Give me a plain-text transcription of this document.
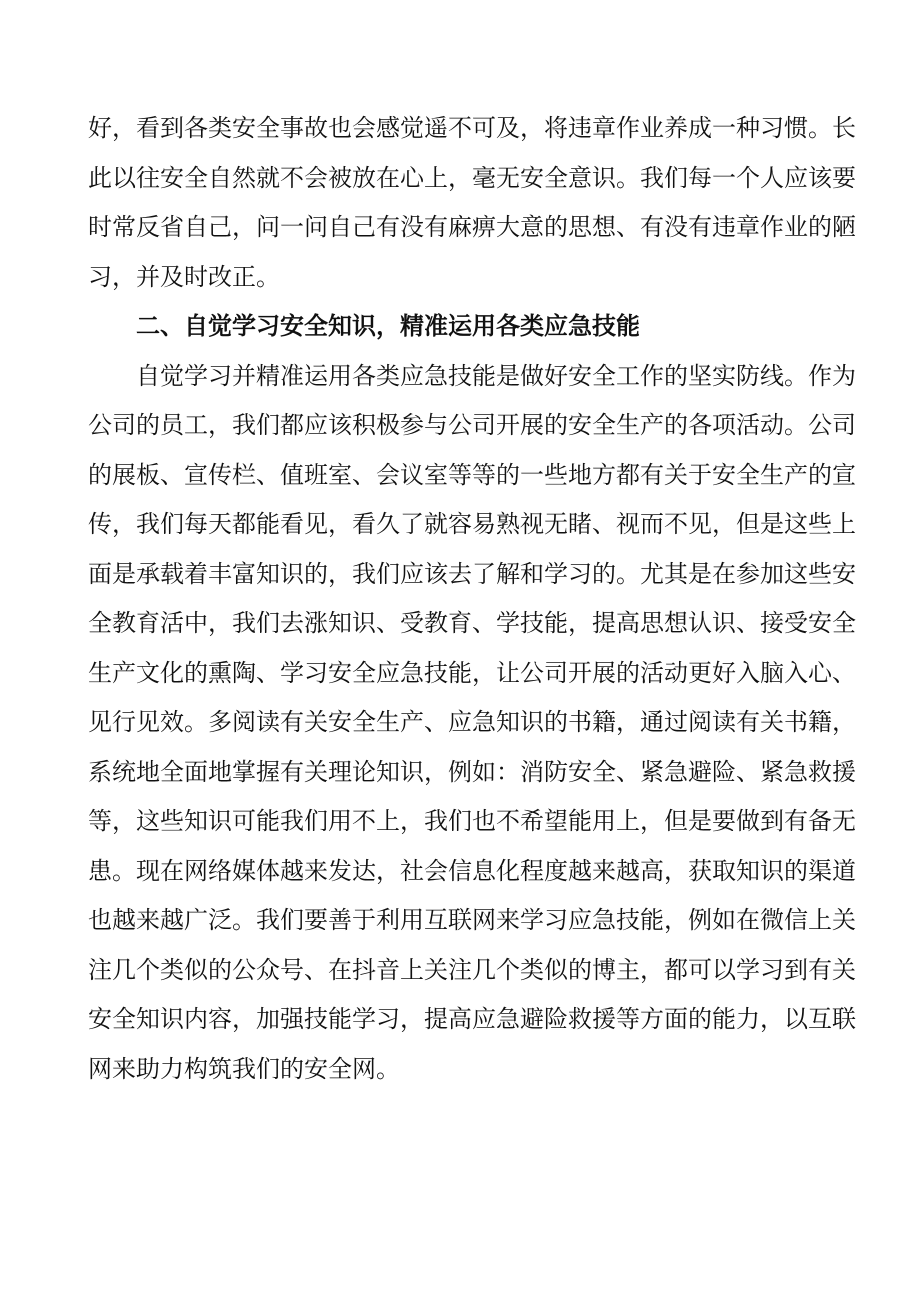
好，看到各类安全事故也会感觉遥不可及，将违章作业养成一种习惯。长
此以往安全自然就不会被放在心上，毫无安全意识。我们每一个人应该要
时常反省自己，问一问自己有没有麻痹大意的思想、有没有违章作业的陋
习，并及时改正。
二、自觉学习安全知识，精准运用各类应急技能
自觉学习并精准运用各类应急技能是做好安全工作的坚实防线。作为
公司的员工，我们都应该积极参与公司开展的安全生产的各项活动。公司
的展板、宣传栏、值班室、会议室等等的一些地方都有关于安全生产的宣
传，我们每天都能看见，看久了就容易熟视无睹、视而不见，但是这些上
面是承载着丰富知识的，我们应该去了解和学习的。尤其是在参加这些安
全教育活中，我们去涨知识、受教育、学技能，提高思想认识、接受安全
生产文化的熏陶、学习安全应急技能，让公司开展的活动更好入脑入心、
见行见效。多阅读有关安全生产、应急知识的书籍，通过阅读有关书籍，
系统地全面地掌握有关理论知识，例如：消防安全、紧急避险、紧急救援
等，这些知识可能我们用不上，我们也不希望能用上，但是要做到有备无
患。现在网络媒体越来发达，社会信息化程度越来越高，获取知识的渠道
也越来越广泛。我们要善于利用互联网来学习应急技能，例如在微信上关
注几个类似的公众号、在抖音上关注几个类似的博主，都可以学习到有关
安全知识内容，加强技能学习，提高应急避险救援等方面的能力，以互联
网来助力构筑我们的安全网。
